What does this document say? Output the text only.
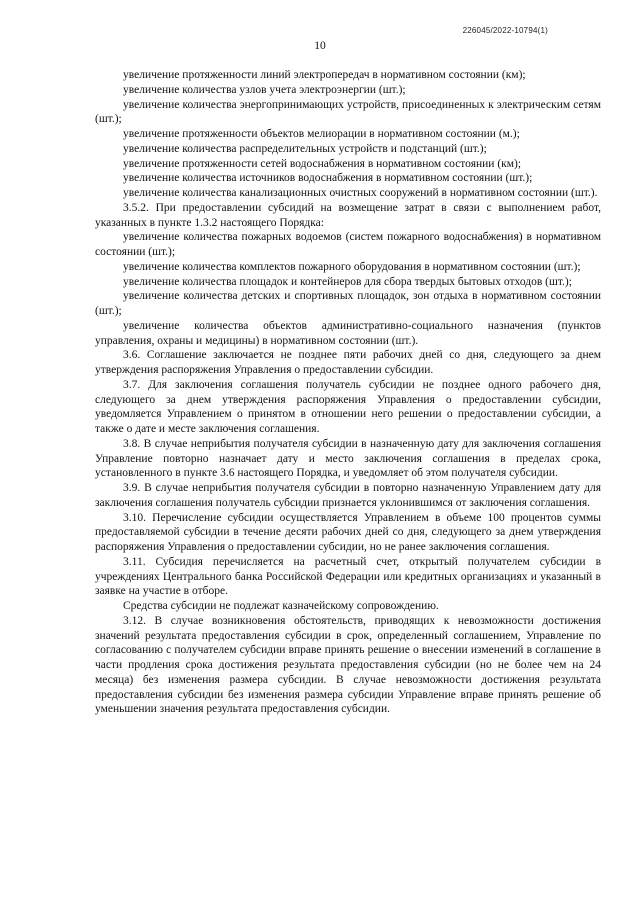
226045/2022-10794(1)
10

увеличение протяженности линий электропередач в нормативном состоянии (км);

увеличение количества узлов учета электроэнергии (шт.);

увеличение количества энергопринимающих устройств, присоединенных к электрическим сетям (шт.);

увеличение протяженности объектов мелиорации в нормативном состоянии (м.);

увеличение количества распределительных устройств и подстанций (шт.);

увеличение протяженности сетей водоснабжения в нормативном состоянии (км);

увеличение количества источников водоснабжения в нормативном состоянии (шт.);

увеличение количества канализационных очистных сооружений в нормативном состоянии (шт.).

3.5.2. При предоставлении субсидий на возмещение затрат в связи с выполнением работ, указанных в пункте 1.3.2 настоящего Порядка:

увеличение количества пожарных водоемов (систем пожарного водоснабжения) в нормативном состоянии (шт.);

увеличение количества комплектов пожарного оборудования в нормативном состоянии (шт.);

увеличение количества площадок и контейнеров для сбора твердых бытовых отходов (шт.);

увеличение количества детских и спортивных площадок, зон отдыха в нормативном состоянии (шт.);

увеличение количества объектов административно-социального назначения (пунктов управления, охраны и медицины) в нормативном состоянии (шт.).

3.6. Соглашение заключается не позднее пяти рабочих дней со дня, следующего за днем утверждения распоряжения Управления о предоставлении субсидии.

3.7. Для заключения соглашения получатель субсидии не позднее одного рабочего дня, следующего за днем утверждения распоряжения Управления о предоставлении субсидии, уведомляется Управлением о принятом в отношении него решении о предоставлении субсидии, а также о дате и месте заключения соглашения.

3.8. В случае неприбытия получателя субсидии в назначенную дату для заключения соглашения Управление повторно назначает дату и место заключения соглашения в пределах срока, установленного в пункте 3.6 настоящего Порядка, и уведомляет об этом получателя субсидии.

3.9. В случае неприбытия получателя субсидии в повторно назначенную Управлением дату для заключения соглашения получатель субсидии признается уклонившимся от заключения соглашения.

3.10. Перечисление субсидии осуществляется Управлением в объеме 100 процентов суммы предоставляемой субсидии в течение десяти рабочих дней со дня, следующего за днем утверждения распоряжения Управления о предоставлении субсидии, но не ранее заключения соглашения.

3.11. Субсидия перечисляется на расчетный счет, открытый получателем субсидии в учреждениях Центрального банка Российской Федерации или кредитных организациях и указанный в заявке на участие в отборе.

Средства субсидии не подлежат казначейскому сопровождению.

3.12. В случае возникновения обстоятельств, приводящих к невозможности достижения значений результата предоставления субсидии в срок, определенный соглашением, Управление по согласованию с получателем субсидии вправе принять решение о внесении изменений в соглашение в части продления срока достижения результата предоставления субсидии (но не более чем на 24 месяца) без изменения размера субсидии. В случае невозможности достижения результата предоставления субсидии без изменения размера субсидии Управление вправе принять решение об уменьшении значения результата предоставления субсидии.
